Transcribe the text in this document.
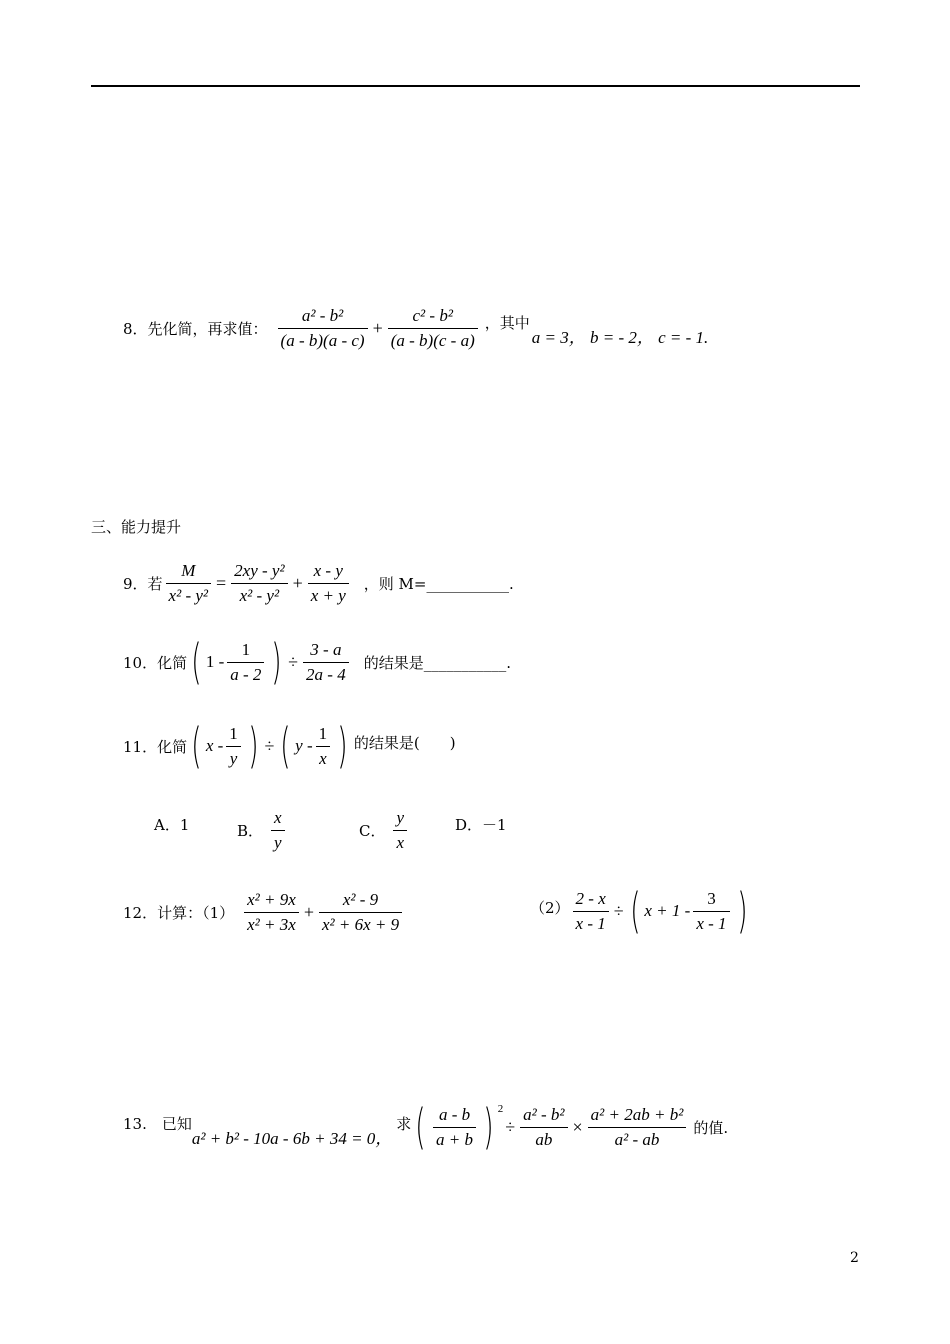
8．先化简，再求值： $\frac{\text{a² - b²}}{(a - b)(a - c)} + \frac{\text{c² - b²}}{(a - b)(c - a)}$ ，其中
a = 3， b = - 2， c = - 1.
三、能力提升
9．若 $\frac{M}{\text{x² - y²}} = \frac{\text{2xy - y²}}{\text{x² - y²}} + \frac{x - y}{x + y}$ ，则 M=___________.
10．化简 ( $1 - \frac{1}{a - 2}$ ) ÷ $\frac{3 - a}{2a - 4}$ 的结果是___________.
11．化简 ( x - $\frac{1}{y}$ ) ÷ ( y - $\frac{1}{x}$ ) 的结果是(　　)
A．1	B． $\frac{x}{y}$	C． $\frac{y}{x}$	D．－1
12．计算：$(1) \frac{\text{x² + 9x}}{\text{x² + 3x}} + \frac{\text{x² - 9}}{\text{x² + 6x + 9}}$	$(2) \frac{2 - x}{x - 1}$ ÷ ( $x + 1 - \frac{3}{x - 1}$ )
13.　已知
a² + b² - 10a - 6b + 34 = 0，
求 ( $\frac{a - b}{a + b}$ ) 2
÷ $\frac{\text{a² - b²}}{ab} \times \frac{\text{a² + 2ab + b²}}{\text{a² - ab}}$ 的值.
2
